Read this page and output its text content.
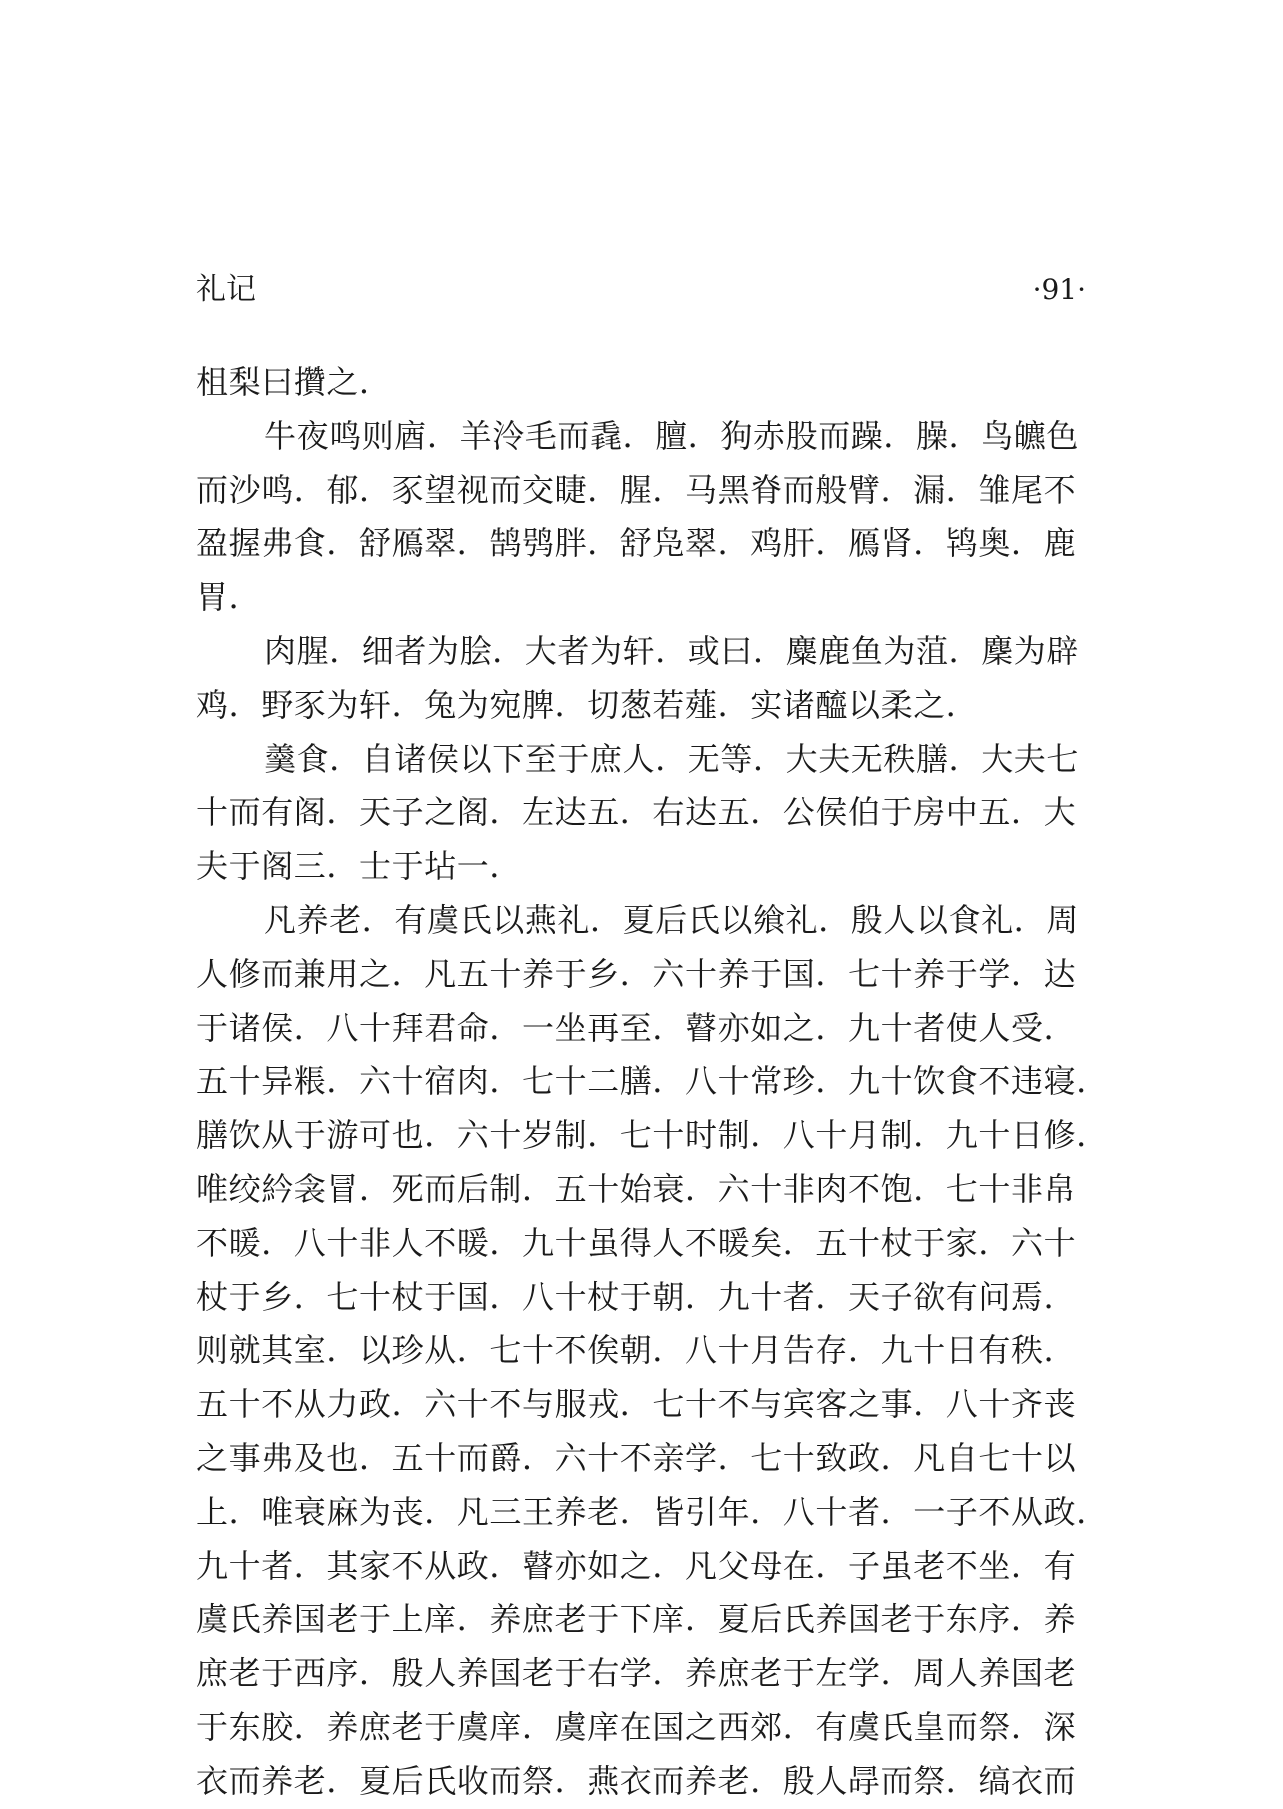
礼记	·91·
柤梨曰攢之．
牛夜鸣则庮．羊泠毛而毳．膻．狗赤股而躁．臊．鸟皫色
而沙鸣．郁．豕望视而交睫．腥．马黑脊而般臂．漏．雏尾不
盈握弗食．舒鴈翠．鹄鸮胖．舒凫翠．鸡肝．鴈肾．鸨奥．鹿
胃．
肉腥．细者为脍．大者为轩．或曰．麋鹿鱼为菹．麇为辟
鸡．野豕为轩．兔为宛脾．切葱若薤．实诸醯以柔之．
羹食．自诸侯以下至于庶人．无等．大夫无秩膳．大夫七
十而有阁．天子之阁．左达五．右达五．公侯伯于房中五．大
夫于阁三．士于坫一．
凡养老．有虞氏以燕礼．夏后氏以飨礼．殷人以食礼．周
人修而兼用之．凡五十养于乡．六十养于国．七十养于学．达
于诸侯．八十拜君命．一坐再至．瞽亦如之．九十者使人受．
五十异粻．六十宿肉．七十二膳．八十常珍．九十饮食不违寝．
膳饮从于游可也．六十岁制．七十时制．八十月制．九十日修．
唯绞紟衾冒．死而后制．五十始衰．六十非肉不饱．七十非帛
不暖．八十非人不暖．九十虽得人不暖矣．五十杖于家．六十
杖于乡．七十杖于国．八十杖于朝．九十者．天子欲有问焉．
则就其室．以珍从．七十不俟朝．八十月告存．九十日有秩．
五十不从力政．六十不与服戎．七十不与宾客之事．八十齐丧
之事弗及也．五十而爵．六十不亲学．七十致政．凡自七十以
上．唯衰麻为丧．凡三王养老．皆引年．八十者．一子不从政．
九十者．其家不从政．瞽亦如之．凡父母在．子虽老不坐．有
虞氏养国老于上庠．养庶老于下庠．夏后氏养国老于东序．养
庶老于西序．殷人养国老于右学．养庶老于左学．周人养国老
于东胶．养庶老于虞庠．虞庠在国之西郊．有虞氏皇而祭．深
衣而养老．夏后氏收而祭．燕衣而养老．殷人冔而祭．缟衣而
